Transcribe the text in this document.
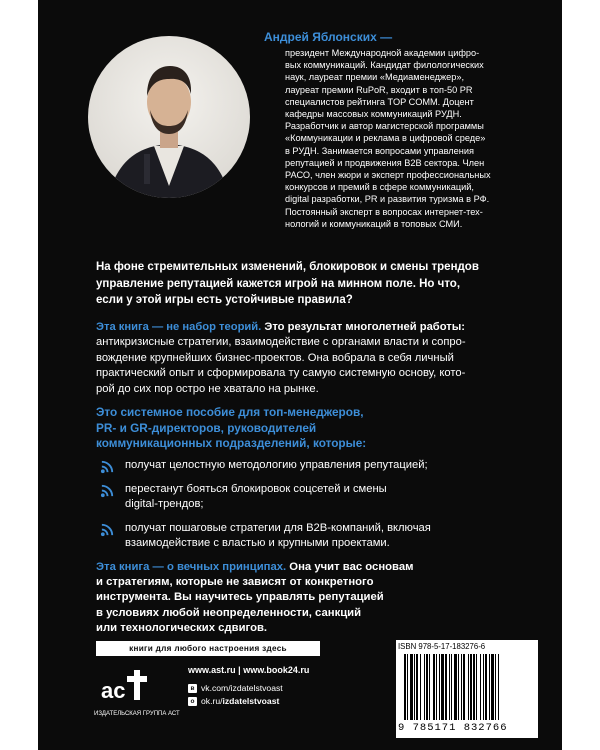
Андрей Яблонских —

президент Международной академии цифро-
вых коммуникаций. Кандидат филологических
наук, лауреат премии «Медиаменеджер»,
лауреат премии RuPoR, входит в топ-50 PR
специалистов рейтинга TOP COMM. Доцент
кафедры массовых коммуникаций РУДН.
Разработчик и автор магистерской программы
«Коммуникации и реклама в цифровой среде»
в РУДН. Занимается вопросами управления
репутацией и продвижения B2B сектора. Член
РАСО, член жюри и эксперт профессиональных
конкурсов и премий в сфере коммуникаций,
digital разработки, PR и развития туризма в РФ.
Постоянный эксперт в вопросах интернет-тех-
нологий и коммуникаций в топовых СМИ.

На фоне стремительных изменений, блокировок и смены трендов
управление репутацией кажется игрой на минном поле. Но что,
если у этой игры есть устойчивые правила?

Эта книга — не набор теорий. Это результат многолетней работы:
антикризисные стратегии, взаимодействие с органами власти и сопро-
вождение крупнейших бизнес-проектов. Она вобрала в себя личный
практический опыт и сформировала ту самую системную основу, кото-
рой до сих пор остро не хватало на рынке.

Это системное пособие для топ-менеджеров,
PR- и GR-директоров, руководителей
коммуникационных подразделений, которые:

получат целостную методологию управления репутацией;
перестанут бояться блокировок соцсетей и смены
digital-трендов;
получат пошаговые стратегии для B2B-компаний, включая
взаимодействие с властью и крупными проектами.

Эта книга — о вечных принципах. Она учит вас основам
и стратегиям, которые не зависят от конкретного
инструмента. Вы научитесь управлять репутацией
в условиях любой неопределенности, санкций
или технологических сдвигов.

книги для любого настроения здесь
ас
ИЗДАТЕЛЬСКАЯ ГРУППА АСТ
www.ast.ru | www.book24.ru
в vk.com/ izdatelstvoast
о ok.ru/ izdatelstvoast
ISBN 978-5-17-183276-6
9 785171 832766
